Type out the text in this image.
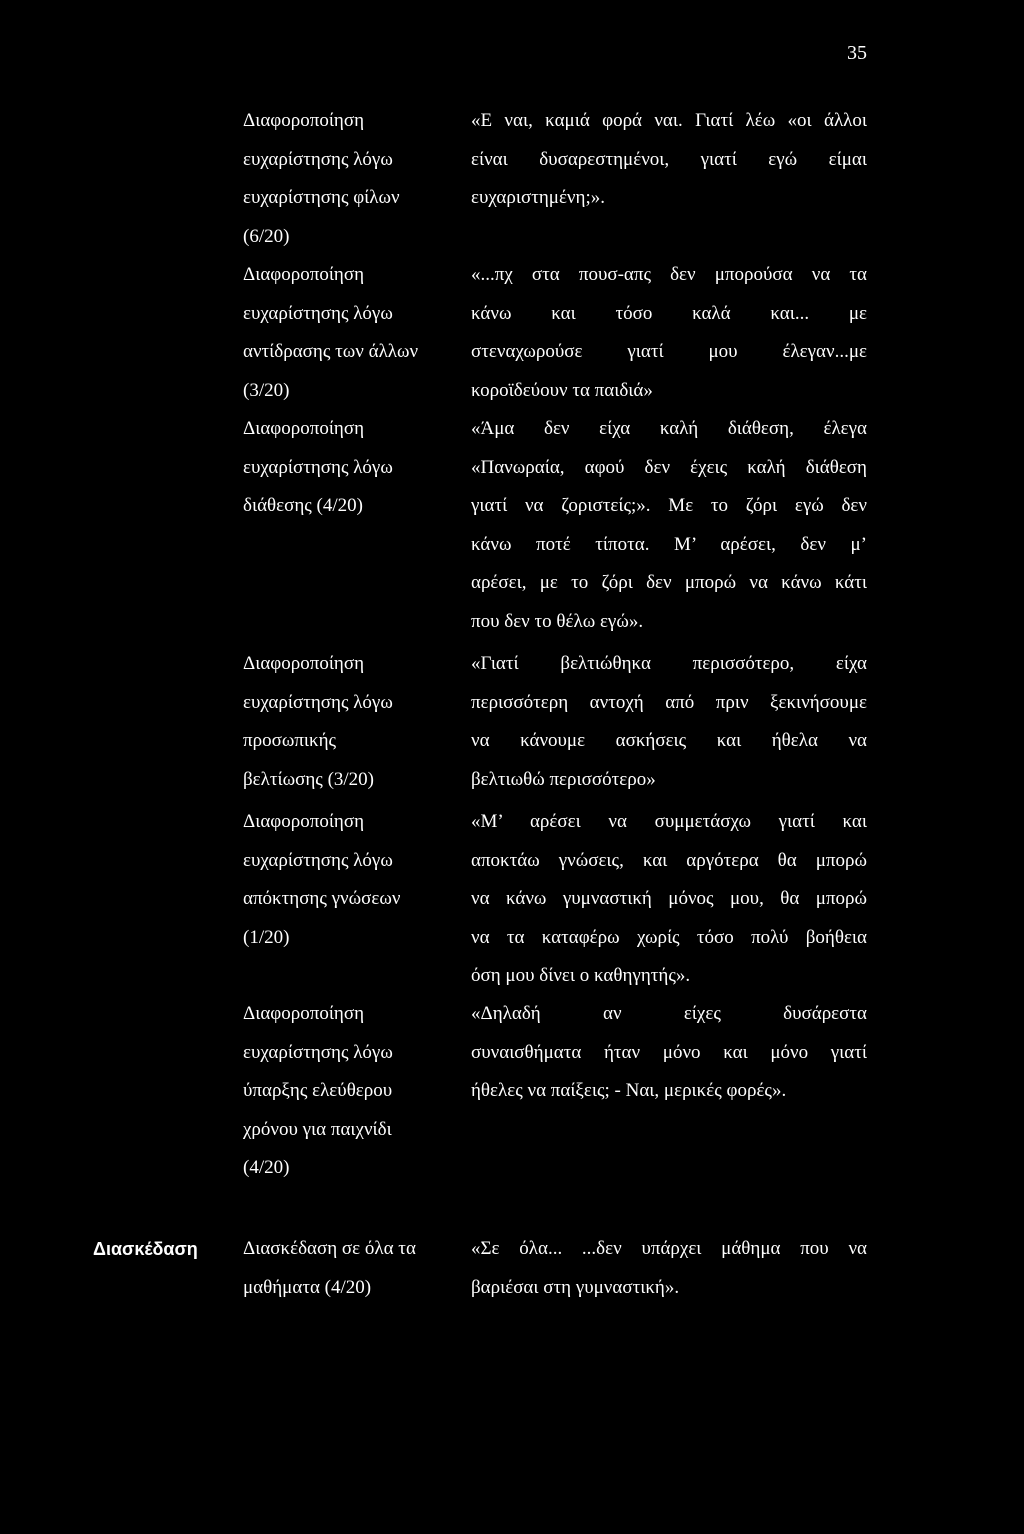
35
Διαφοροποίηση
ευχαρίστησης λόγω
ευχαρίστησης φίλων
(6/20)
«Ε ναι, καμιά φορά ναι. Γιατί λέω «οι άλλοι
είναι δυσαρεστημένοι, γιατί εγώ είμαι
ευχαριστημένη;».
Διαφοροποίηση
ευχαρίστησης λόγω
αντίδρασης των άλλων
(3/20)
«...πχ στα πουσ-απς δεν μπορούσα να τα
κάνω και τόσο καλά και... με
στεναχωρούσε γιατί μου έλεγαν...με
κοροϊδεύουν τα παιδιά»
Διαφοροποίηση
ευχαρίστησης λόγω
διάθεσης (4/20)
«Άμα δεν είχα καλή διάθεση, έλεγα
«Πανωραία, αφού δεν έχεις καλή διάθεση
γιατί να ζοριστείς;». Με το ζόρι εγώ δεν
κάνω ποτέ τίποτα. Μ’ αρέσει, δεν μ’
αρέσει, με το ζόρι δεν μπορώ να κάνω κάτι
που δεν το θέλω εγώ».
Διαφοροποίηση
ευχαρίστησης λόγω
προσωπικής
βελτίωσης (3/20)
«Γιατί βελτιώθηκα περισσότερο, είχα
περισσότερη αντοχή από πριν ξεκινήσουμε
να κάνουμε ασκήσεις και ήθελα να
βελτιωθώ περισσότερο»
Διαφοροποίηση
ευχαρίστησης λόγω
απόκτησης γνώσεων
(1/20)
«Μ’ αρέσει να συμμετάσχω γιατί και
αποκτάω γνώσεις, και αργότερα θα μπορώ
να κάνω γυμναστική μόνος μου, θα μπορώ
να τα καταφέρω χωρίς τόσο πολύ βοήθεια
όση μου δίνει ο καθηγητής».
Διαφοροποίηση
ευχαρίστησης λόγω
ύπαρξης ελεύθερου
χρόνου για παιχνίδι
(4/20)
«Δηλαδή αν είχες δυσάρεστα
συναισθήματα ήταν μόνο και μόνο γιατί
ήθελες να παίξεις; - Ναι, μερικές φορές».
Διασκέδαση	Διασκέδαση σε όλα τα
μαθήματα (4/20)
«Σε όλα... ...δεν υπάρχει μάθημα που να
βαριέσαι στη γυμναστική».
